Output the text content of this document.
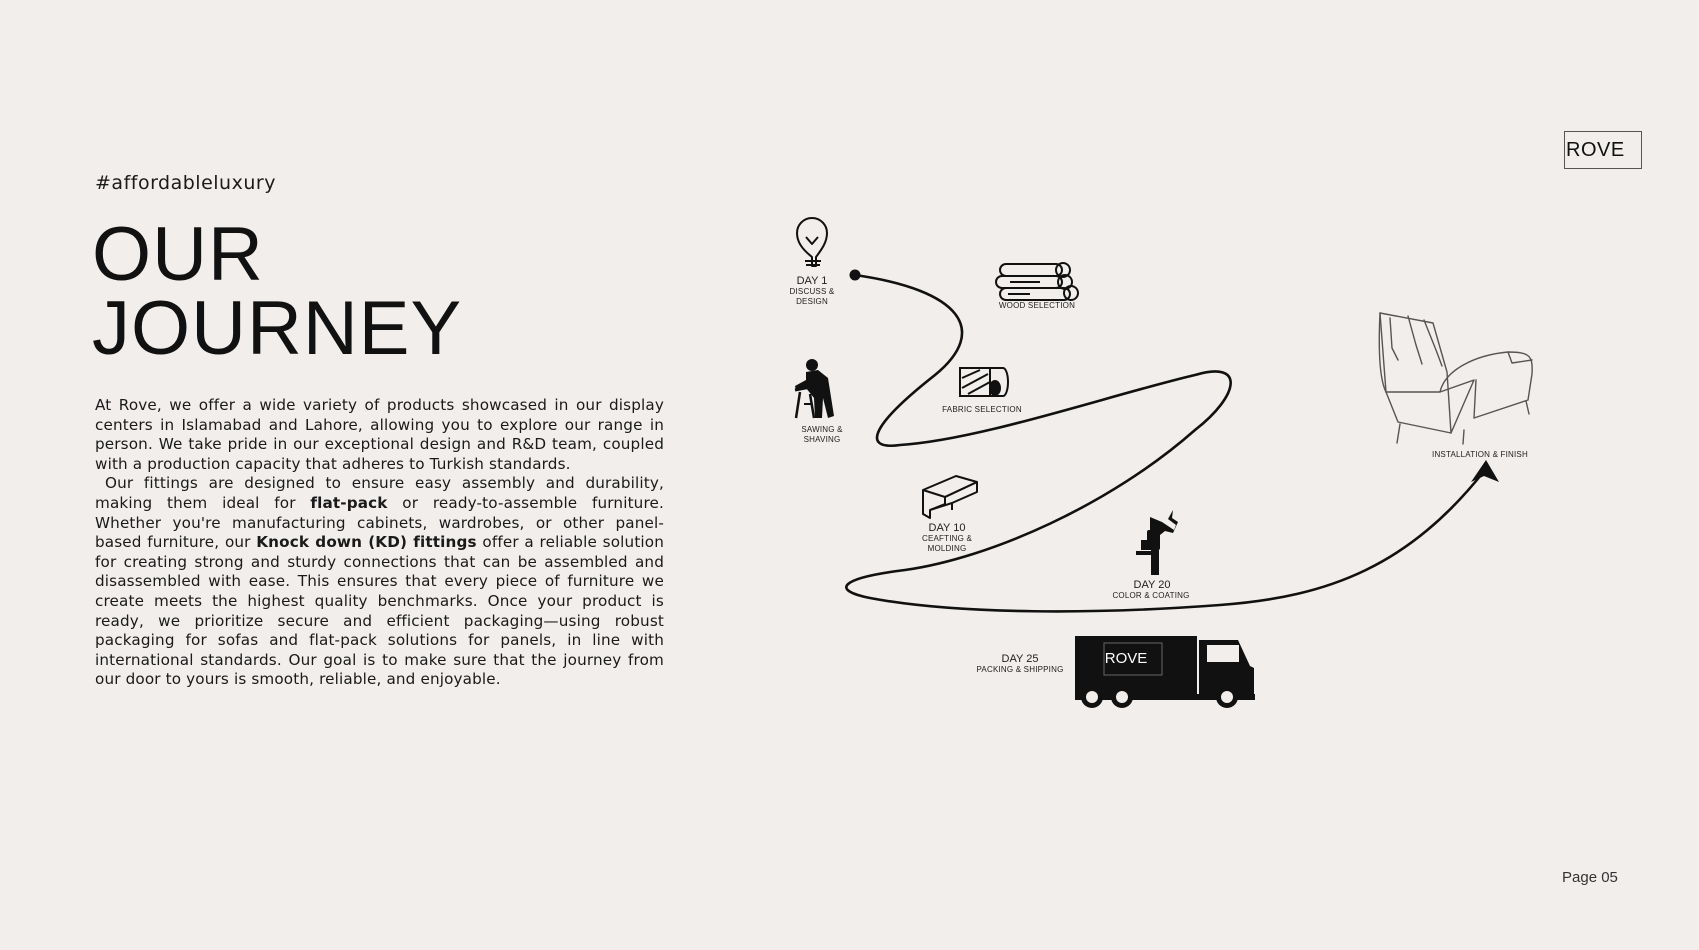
#affordableluxury
OUR
JOURNEY

At Rove, we offer a wide variety of products showcased in our display centers in Islamabad and Lahore, allowing you to explore our range in person. We take pride in our exceptional design and R&D team, coupled with a production capacity that adheres to Turkish standards.

Our fittings are designed to ensure easy assembly and durability, making them ideal for flat-pack or ready-to-assemble furniture. Whether you're manufacturing cabinets, wardrobes, or other panel-based furniture, our Knock down (KD) fittings offer a reliable solution for creating strong and sturdy connections that can be assembled and disassembled with ease. This ensures that every piece of furniture we create meets the highest quality benchmarks. Once your product is ready, we prioritize secure and efficient packaging—using robust packaging for sofas and flat-pack solutions for panels, in line with international standards. Our goal is to make sure that the journey from our door to yours is smooth, reliable, and enjoyable.

ROVE
Page 05
DAY 1
DISCUSS &
DESIGN	WOOD SELECTION
FABRIC SELECTION
SAWING &
SHAVING
DAY 10
CEAFTING &
MOLDING
DAY 20
COLOR & COATING
ROVE
DAY 25
PACKING & SHIPPING
INSTALLATION & FINISH
